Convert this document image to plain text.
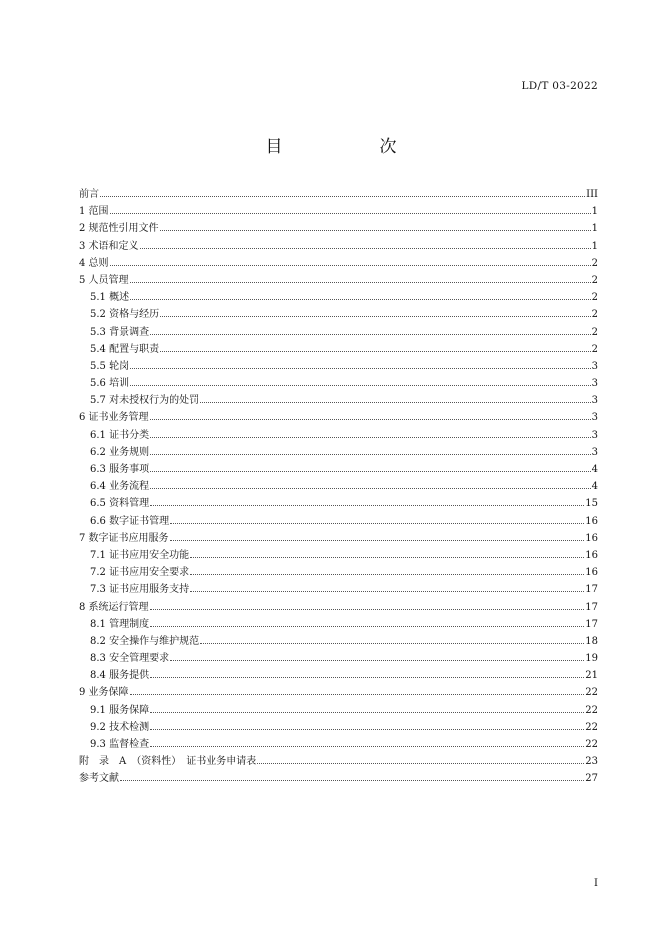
LD/T 03-2022
目　次
前言	III
1 范围	1
2 规范性引用文件	1
3 术语和定义	1
4 总则	2
5 人员管理	2
5.1 概述	2
5.2 资格与经历	2
5.3 背景调查	2
5.4 配置与职责	2
5.5 轮岗	3
5.6 培训	3
5.7 对未授权行为的处罚	3
6 证书业务管理	3
6.1 证书分类	3
6.2 业务规则	3
6.3 服务事项	4
6.4 业务流程	4
6.5 资料管理	15
6.6 数字证书管理	16
7 数字证书应用服务	16
7.1 证书应用安全功能	16
7.2 证书应用安全要求	16
7.3 证书应用服务支持	17
8 系统运行管理	17
8.1 管理制度	17
8.2 安全操作与维护规范	18
8.3 安全管理要求	19
8.4 服务提供	21
9 业务保障	22
9.1 服务保障	22
9.2 技术检测	22
9.3 监督检查	22
附　录　A　（资料性）　证书业务申请表	23
参考文献	27
I
